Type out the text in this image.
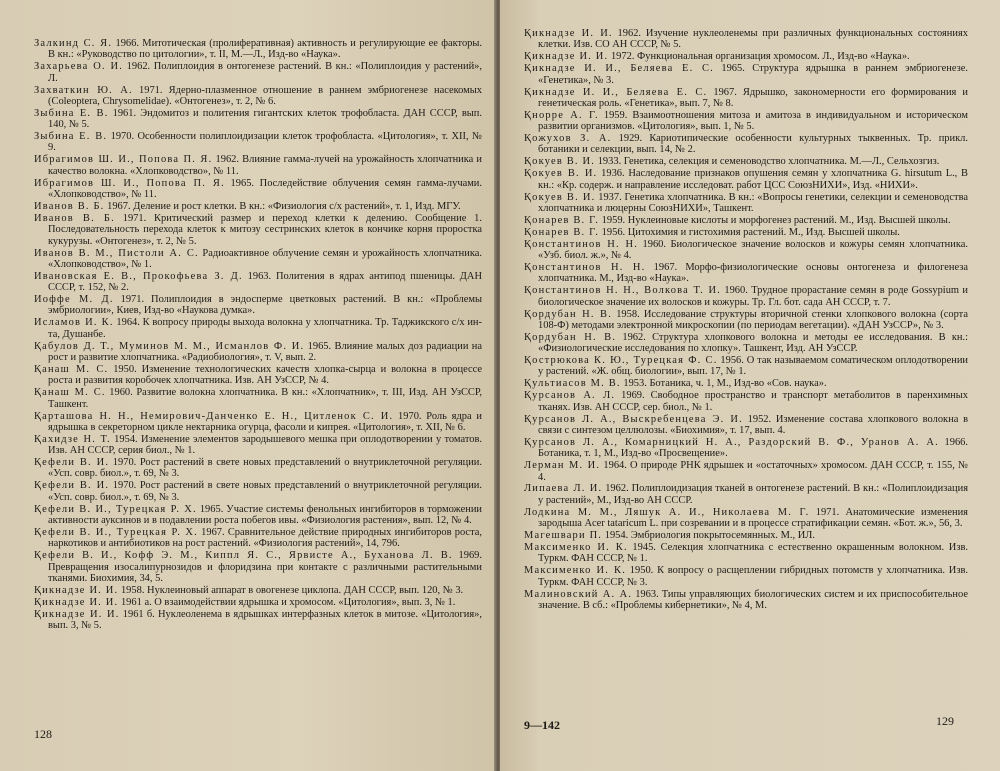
Залкинд С. Я. 1966. Митотическая (пролиферативная) активность и регулирующие ее факторы. В кн.: «Руководство по цитологии», т. II, М.—Л., Изд-во «Наука».

Захарьева О. И. 1962. Полиплоидия в онтогенезе растений. В кн.: «Полиплоидия у растений», Л.

Захваткин Ю. А. 1971. Ядерно-плазменное отношение в раннем эмбриогенезе насекомых (Coleoptera, Chrysomelidae). «Онтогенез», т. 2, № 6.

Зыбина Е. В. 1961. Эндомитоз и политения гигантских клеток трофобласта. ДАН СССР, вып. 140, № 5.

Зыбина Е. В. 1970. Особенности полиплоидизации клеток трофобласта. «Цитология», т. XII, № 9.

Ибрагимов Ш. И., Попова П. Я. 1962. Влияние гамма-лучей на урожайность хлопчатника и качество волокна. «Хлопководство», № 11.

Ибрагимов Ш. И., Попова П. Я. 1965. Последействие облучения семян гамма-лучами. «Хлопководство», № 11.

Иванов В. Б. 1967. Деление и рост клетки. В кн.: «Физиология с/х растений», т. 1, Изд. МГУ.

Иванов В. Б. 1971. Критический размер и переход клетки к делению. Сообщение 1. Последовательность перехода клеток к митозу сестринских клеток в кончике корня проростка кукурузы. «Онтогенез», т. 2, № 5.

Иванов В. М., Пистоли А. С. Радиоактивное облучение семян и урожайность хлопчатника. «Хлопководство», № 1.

Ивановская Е. В., Прокофьева З. Д. 1963. Политения в ядрах антипод пшеницы. ДАН СССР, т. 152, № 2.

Иоффе М. Д. 1971. Полиплоидия в эндосперме цветковых растений. В кн.: «Проблемы эмбриологии», Киев, Изд-во «Наукова думка».

Исламов И. К. 1964. К вопросу природы выхода волокна у хлопчатника. Тр. Таджикского с/х ин-та, Душанбе.

Қабулов Д. Т., Муминов М. М., Исманлов Ф. И. 1965. Влияние малых доз радиации на рост и развитие хлопчатника. «Радиобиология», т. V, вып. 2.

Қанаш М. С. 1950. Изменение технологических качеств хлопка-сырца и волокна в процессе роста и развития коробочек хлопчатника. Изв. АН УзССР, № 4.

Қанаш М. С. 1960. Развитие волокна хлопчатника. В кн.: «Хлопчатник», т. III, Изд. АН УзССР, Ташкент.

Қарташова Н. Н., Немирович-Данченко Е. Н., Цитленок С. И. 1970. Роль ядра и ядрышка в секреторном цикле нектарника огурца, фасоли и кипрея. «Цитология», т. XII, № 6.

Қахидзе Н. Т. 1954. Изменение элементов зародышевого мешка при оплодотворении у томатов. Изв. АН СССР, серия биол., № 1.

Қефели В. И. 1970. Рост растений в свете новых представлений о внутриклеточной регуляции. «Усп. совр. биол.», т. 69, № 3.

Қефели В. И. 1970. Рост растений в свете новых представлений о внутриклеточной регуляции. «Усп. совр. биол.», т. 69, № 3.

Қефели В. И., Турецкая Р. Х. 1965. Участие системы фенольных ингибиторов в торможении активности ауксинов и в подавлении роста побегов ивы. «Физиология растения», вып. 12, № 4.

Қефели В. И., Турецкая Р. Х. 1967. Сравнительное действие природных ингибиторов роста, наркотиков и антибиотиков на рост растений. «Физиология растений», 14, 796.

Қефели В. И., Кофф Э. М., Киппл Я. С., Ярвисте А., Буханова Л. В. 1969. Превращения изосалипурнозидов и флоридзина при контакте с различными растительными тканями. Биохимия, 34, 5.

Қикнадзе И. И. 1958. Нуклеиновый аппарат в овогенезе циклопа. ДАН СССР, вып. 120, № 3.

Қикнадзе И. И. 1961 а. О взаимодействии ядрышка и хромосом. «Цитология», вып. 3, № 1.

Қикнадзе И. И. 1961 б. Нуклеоленема в ядрышках интерфазных клеток в митозе. «Цитология», вып. 3, № 5.

128

Қикнадзе И. И. 1962. Изучение нуклеоленемы при различных функциональных состояниях клетки. Изв. СО АН СССР, № 5.

Қикнадзе И. И. 1972. Функциональная организация хромосом. Л., Изд-во «Наука».

Қикнадзе И. И., Беляева Е. С. 1965. Структура ядрышка в раннем эмбриогенезе. «Генетика», № 3.

Қикнадзе И. И., Беляева Е. С. 1967. Ядрышко, закономерности его формирования и генетическая роль. «Генетика», вып. 7, № 8.

Қнорре А. Г. 1959. Взаимоотношения митоза и амитоза в индивидуальном и историческом развитии организмов. «Цитология», вып. 1, № 5.

Қожухов З. А. 1929. Кариотипические особенности культурных тыквенных. Тр. прикл. ботаники и селекции, вып. 14, № 2.

Қокуев В. И. 1933. Генетика, селекция и семеноводство хлопчатника. М.—Л., Сельхозгиз.

Қокуев В. И. 1936. Наследование признаков опушения семян у хлопчатника G. hirsutum L., В кн.: «Кр. содерж. и направление исследоват. работ ЦСС СоюзНИХИ», Изд. «НИХИ».

Қокуев В. И. 1937. Генетика хлопчатника. В кн.: «Вопросы генетики, селекции и семеноводства хлопчатника и люцерны СоюзНИХИ», Ташкент.

Қонарев В. Г. 1959. Нуклеиновые кислоты и морфогенез растений. М., Изд. Высшей школы.

Қонарев В. Г. 1956. Цитохимия и гистохимия растений. М., Изд. Высшей школы.

Қонстантинов Н. Н. 1960. Биологическое значение волосков и кожуры семян хлопчатника. «Узб. биол. ж.», № 4.

Қонстантинов Н. Н. 1967. Морфо-физиологические основы онтогенеза и филогенеза хлопчатника. М., Изд-во «Наука».

Қонстантинов Н. Н., Волкова Т. И. 1960. Трудное прорастание семян в роде Gossypium и биологическое значение их волосков и кожуры. Тр. Гл. бот. сада АН СССР, т. 7.

Қордубан Н. В. 1958. Исследование структуры вторичной стенки хлопкового волокна (сорта 108-Ф) методами электронной микроскопии (по периодам вегетации). «ДАН УзССР», № 3.

Қордубан Н. В. 1962. Структура хлопкового волокна и методы ее исследования. В кн.: «Физиологические исследования по хлопку». Ташкент, Изд. АН УзССР.

Қострюкова К. Ю., Турецкая Ф. С. 1956. О так называемом соматическом оплодотворении у растений. «Ж. общ. биологии», вып. 17, № 1.

Қультиасов М. В. 1953. Ботаника, ч. 1, М., Изд-во «Сов. наука».

Қурсанов А. Л. 1969. Свободное пространство и транспорт метаболитов в паренхимных тканях. Изв. АН СССР, сер. биол., № 1.

Қурсанов Л. А., Выскребенцева Э. И. 1952. Изменение состава хлопкового волокна в связи с синтезом целлюлозы. «Биохимия», т. 17, вып. 4.

Қурсанов Л. А., Комарницкий Н. А., Раздорский В. Ф., Уранов А. А. 1966. Ботаника, т. 1, М., Изд-во «Просвещение».

Лерман М. И. 1964. О природе РНК ядрышек и «остаточных» хромосом. ДАН СССР, т. 155, № 4.

Липаева Л. И. 1962. Полиплоидизация тканей в онтогенезе растений. В кн.: «Полиплоидизация у растений», М., Изд-во АН СССР.

Лодкина М. М., Ляшук А. И., Николаева М. Г. 1971. Анатомические изменения зародыша Acer tataricum L. при созревании и в процессе стратификации семян. «Бот. ж.», 56, 3.

Магешвари П. 1954. Эмбриология покрытосемянных. М., ИЛ.

Максименко И. К. 1945. Селекция хлопчатника с естественно окрашенным волокном. Изв. Туркм. ФАН СССР, № 1.

Максименко И. К. 1950. К вопросу о расщеплении гибридных потомств у хлопчатника. Изв. Туркм. ФАН СССР, № 3.

Малиновский А. А. 1963. Типы управляющих биологических систем и их приспособительное значение. В сб.: «Проблемы кибернетики», № 4, М.

9—142	129
